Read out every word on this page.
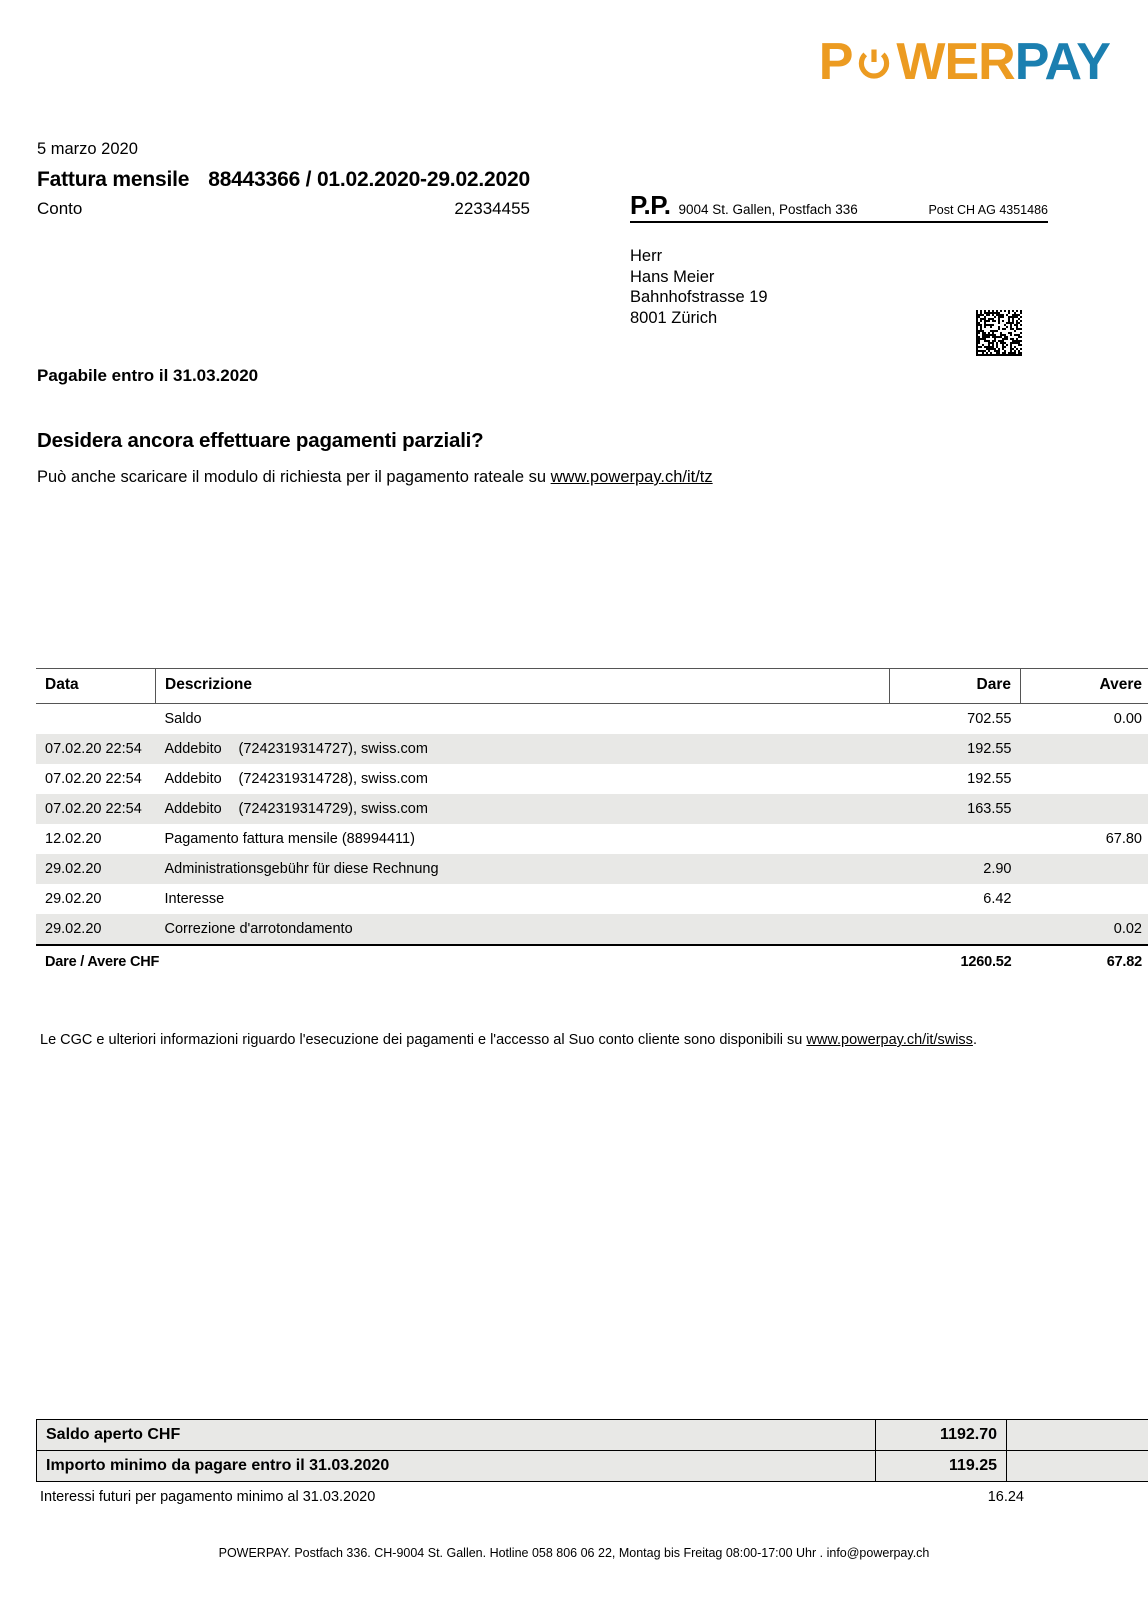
P WER PAY
5 marzo 2020
Fattura mensile 88443366 / 01.02.2020-29.02.2020
Conto	22334455	P.P. 9004 St. Gallen, Postfach 336	Post CH AG 4351486
Herr
Hans Meier
Bahnhofstrasse 19
8001 Zürich
Pagabile entro il 31.03.2020
Desidera ancora effettuare pagamenti parziali?
Può anche scaricare il modulo di richiesta per il pagamento rateale su www.powerpay.ch/it/tz
Data	Descrizione	Dare	Avere
	Saldo	702.55	0.00
07.02.20 22:54	Addebito (7242319314727), swiss.com	192.55	
07.02.20 22:54	Addebito (7242319314728), swiss.com	192.55	
07.02.20 22:54	Addebito (7242319314729), swiss.com	163.55	
12.02.20	Pagamento fattura mensile (88994411)		67.80
29.02.20	Administrationsgebühr für diese Rechnung	2.90	
29.02.20	Interesse	6.42	
29.02.20	Correzione d'arrotondamento		0.02
Dare / Avere CHF		1260.52	67.82
Le CGC e ulteriori informazioni riguardo l'esecuzione dei pagamenti e l'accesso al Suo conto cliente sono disponibili su www.powerpay.ch/it/swiss.
Saldo aperto CHF	1192.70	
Importo minimo da pagare entro il 31.03.2020	119.25	
Interessi futuri per pagamento minimo al 31.03.2020	16.24
POWERPAY. Postfach 336. CH-9004 St. Gallen. Hotline 058 806 06 22, Montag bis Freitag 08:00-17:00 Uhr . info@powerpay.ch
